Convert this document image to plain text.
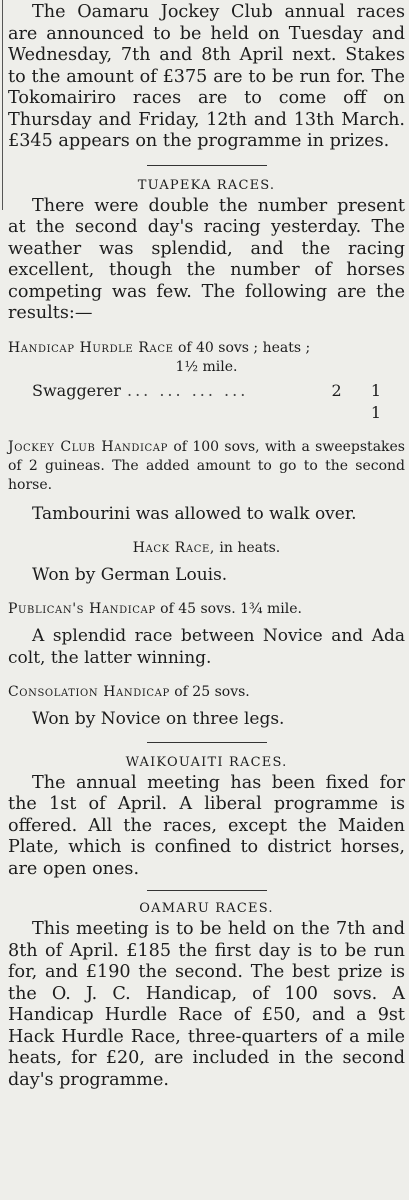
The Oamaru Jockey Club annual races are announced to be held on Tuesday and Wednesday, 7th and 8th April next. Stakes to the amount of £375 are to be run for. The Tokomairiro races are to come off on Thursday and Friday, 12th and 13th March. £345 appears on the programme in prizes.

TUAPEKA RACES.

There were double the number present at the second day's racing yesterday. The weather was splendid, and the racing excellent, though the number of horses competing was few. The following are the results:—

Handicap Hurdle Race of 40 sovs ; heats ;
1½ mile.
Swaggerer ... ... ... ...	2 1 1
Jockey Club Handicap of 100 sovs, with a sweepstakes of 2 guineas. The added amount to go to the second horse.

Tambourini was allowed to walk over.

Hack Race, in heats.

Won by German Louis.

Publican's Handicap of 45 sovs. 1¾ mile.

A splendid race between Novice and Ada colt, the latter winning.

Consolation Handicap of 25 sovs.

Won by Novice on three legs.

WAIKOUAITI RACES.

The annual meeting has been fixed for the 1st of April. A liberal programme is offered. All the races, except the Maiden Plate, which is confined to district horses, are open ones.

OAMARU RACES.

This meeting is to be held on the 7th and 8th of April. £185 the first day is to be run for, and £190 the second. The best prize is the O. J. C. Handicap, of 100 sovs. A Handicap Hurdle Race of £50, and a 9st Hack Hurdle Race, three-quarters of a mile heats, for £20, are included in the second day's programme.
